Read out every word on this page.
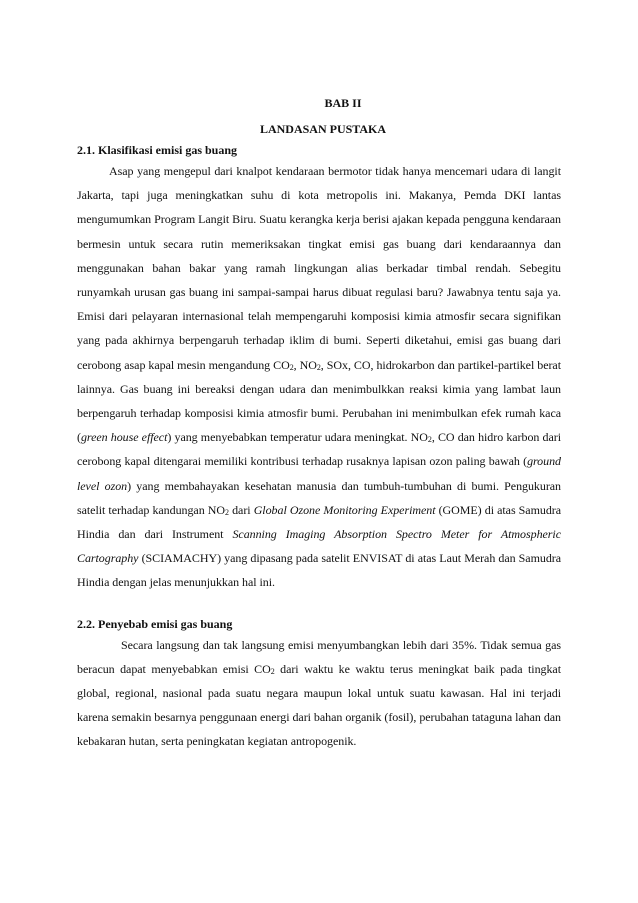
BAB II
LANDASAN PUSTAKA
2.1. Klasifikasi emisi gas buang

Asap yang mengepul dari knalpot kendaraan bermotor tidak hanya mencemari udara di langit Jakarta, tapi juga meningkatkan suhu di kota metropolis ini. Makanya, Pemda DKI lantas mengumumkan Program Langit Biru. Suatu kerangka kerja berisi ajakan kepada pengguna kendaraan bermesin untuk secara rutin memeriksakan tingkat emisi gas buang dari kendaraannya dan menggunakan bahan bakar yang ramah lingkungan alias berkadar timbal rendah. Sebegitu runyamkah urusan gas buang ini sampai-sampai harus dibuat regulasi baru? Jawabnya tentu saja ya. Emisi dari pelayaran internasional telah mempengaruhi komposisi kimia atmosfir secara signifikan yang pada akhirnya berpengaruh terhadap iklim di bumi. Seperti diketahui, emisi gas buang dari cerobong asap kapal mesin mengandung $CO_2$, $NO_2$, SOx, CO, hidrokarbon dan partikel-partikel berat lainnya. Gas buang ini bereaksi dengan udara dan menimbulkkan reaksi kimia yang lambat laun berpengaruh terhadap komposisi kimia atmosfir bumi. Perubahan ini menimbulkan efek rumah kaca (green house effect) yang menyebabkan temperatur udara meningkat. $NO_2$, CO dan hidro karbon dari cerobong kapal ditengarai memiliki kontribusi terhadap rusaknya lapisan ozon paling bawah (ground level ozon) yang membahayakan kesehatan manusia dan tumbuh-tumbuhan di bumi. Pengukuran satelit terhadap kandungan $NO_2$ dari Global Ozone Monitoring Experiment (GOME) di atas Samudra Hindia dan dari Instrument Scanning Imaging Absorption Spectro Meter for Atmospheric Cartography (SCIAMACHY) yang dipasang pada satelit ENVISAT di atas Laut Merah dan Samudra Hindia dengan jelas menunjukkan hal ini.

2.2. Penyebab emisi gas buang

Secara langsung dan tak langsung emisi menyumbangkan lebih dari 35%. Tidak semua gas beracun dapat menyebabkan emisi $CO_2$ dari waktu ke waktu terus meningkat baik pada tingkat global, regional, nasional pada suatu negara maupun lokal untuk suatu kawasan. Hal ini terjadi karena semakin besarnya penggunaan energi dari bahan organik (fosil), perubahan tataguna lahan dan kebakaran hutan, serta peningkatan kegiatan antropogenik.
